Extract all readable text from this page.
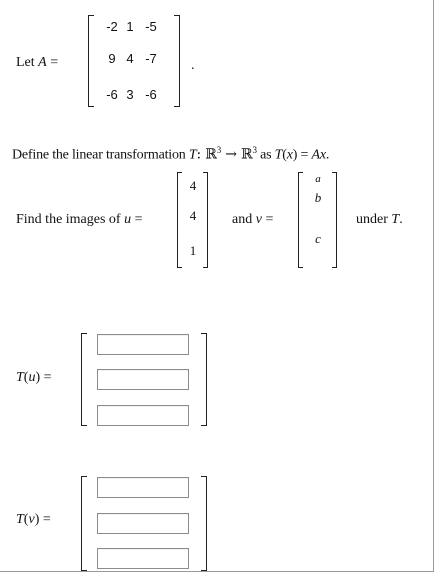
Let A =
-2 1 -5
9 4 -7
-6 3 -6
.
Define the linear transformation T: ℝ$^3$ → ℝ$^3$ as T(x) = Ax.
Find the images of u =
4
4
1
and v =
a
b
c
under T.
T(u) =
T(v) =
